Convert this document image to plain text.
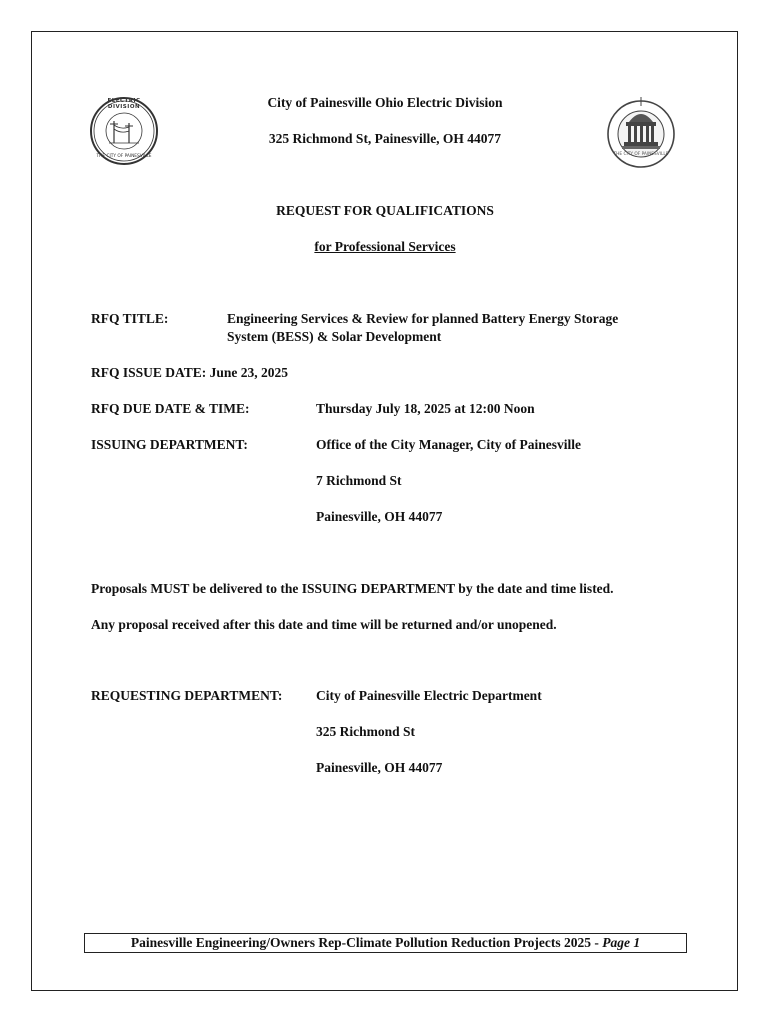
ELECTRIC DIVISION
THE CITY OF PAINESVILLE	THE CITY OF PAINESVILLE
City of Painesville Ohio Electric Division
325 Richmond St, Painesville, OH 44077
REQUEST FOR QUALIFICATIONS
for Professional Services
RFQ TITLE:	Engineering Services & Review for planned Battery Energy Storage
System (BESS) & Solar Development
RFQ ISSUE DATE: June 23, 2025
RFQ DUE DATE & TIME:	Thursday July 18, 2025 at 12:00 Noon
ISSUING DEPARTMENT:	Office of the City Manager, City of Painesville
7 Richmond St
Painesville, OH 44077
Proposals MUST be delivered to the ISSUING DEPARTMENT by the date and time listed.
Any proposal received after this date and time will be returned and/or unopened.
REQUESTING DEPARTMENT: City of Painesville Electric Department
325 Richmond St
Painesville, OH 44077
Painesville Engineering/Owners Rep-Climate Pollution Reduction Projects 2025 - Page 1
